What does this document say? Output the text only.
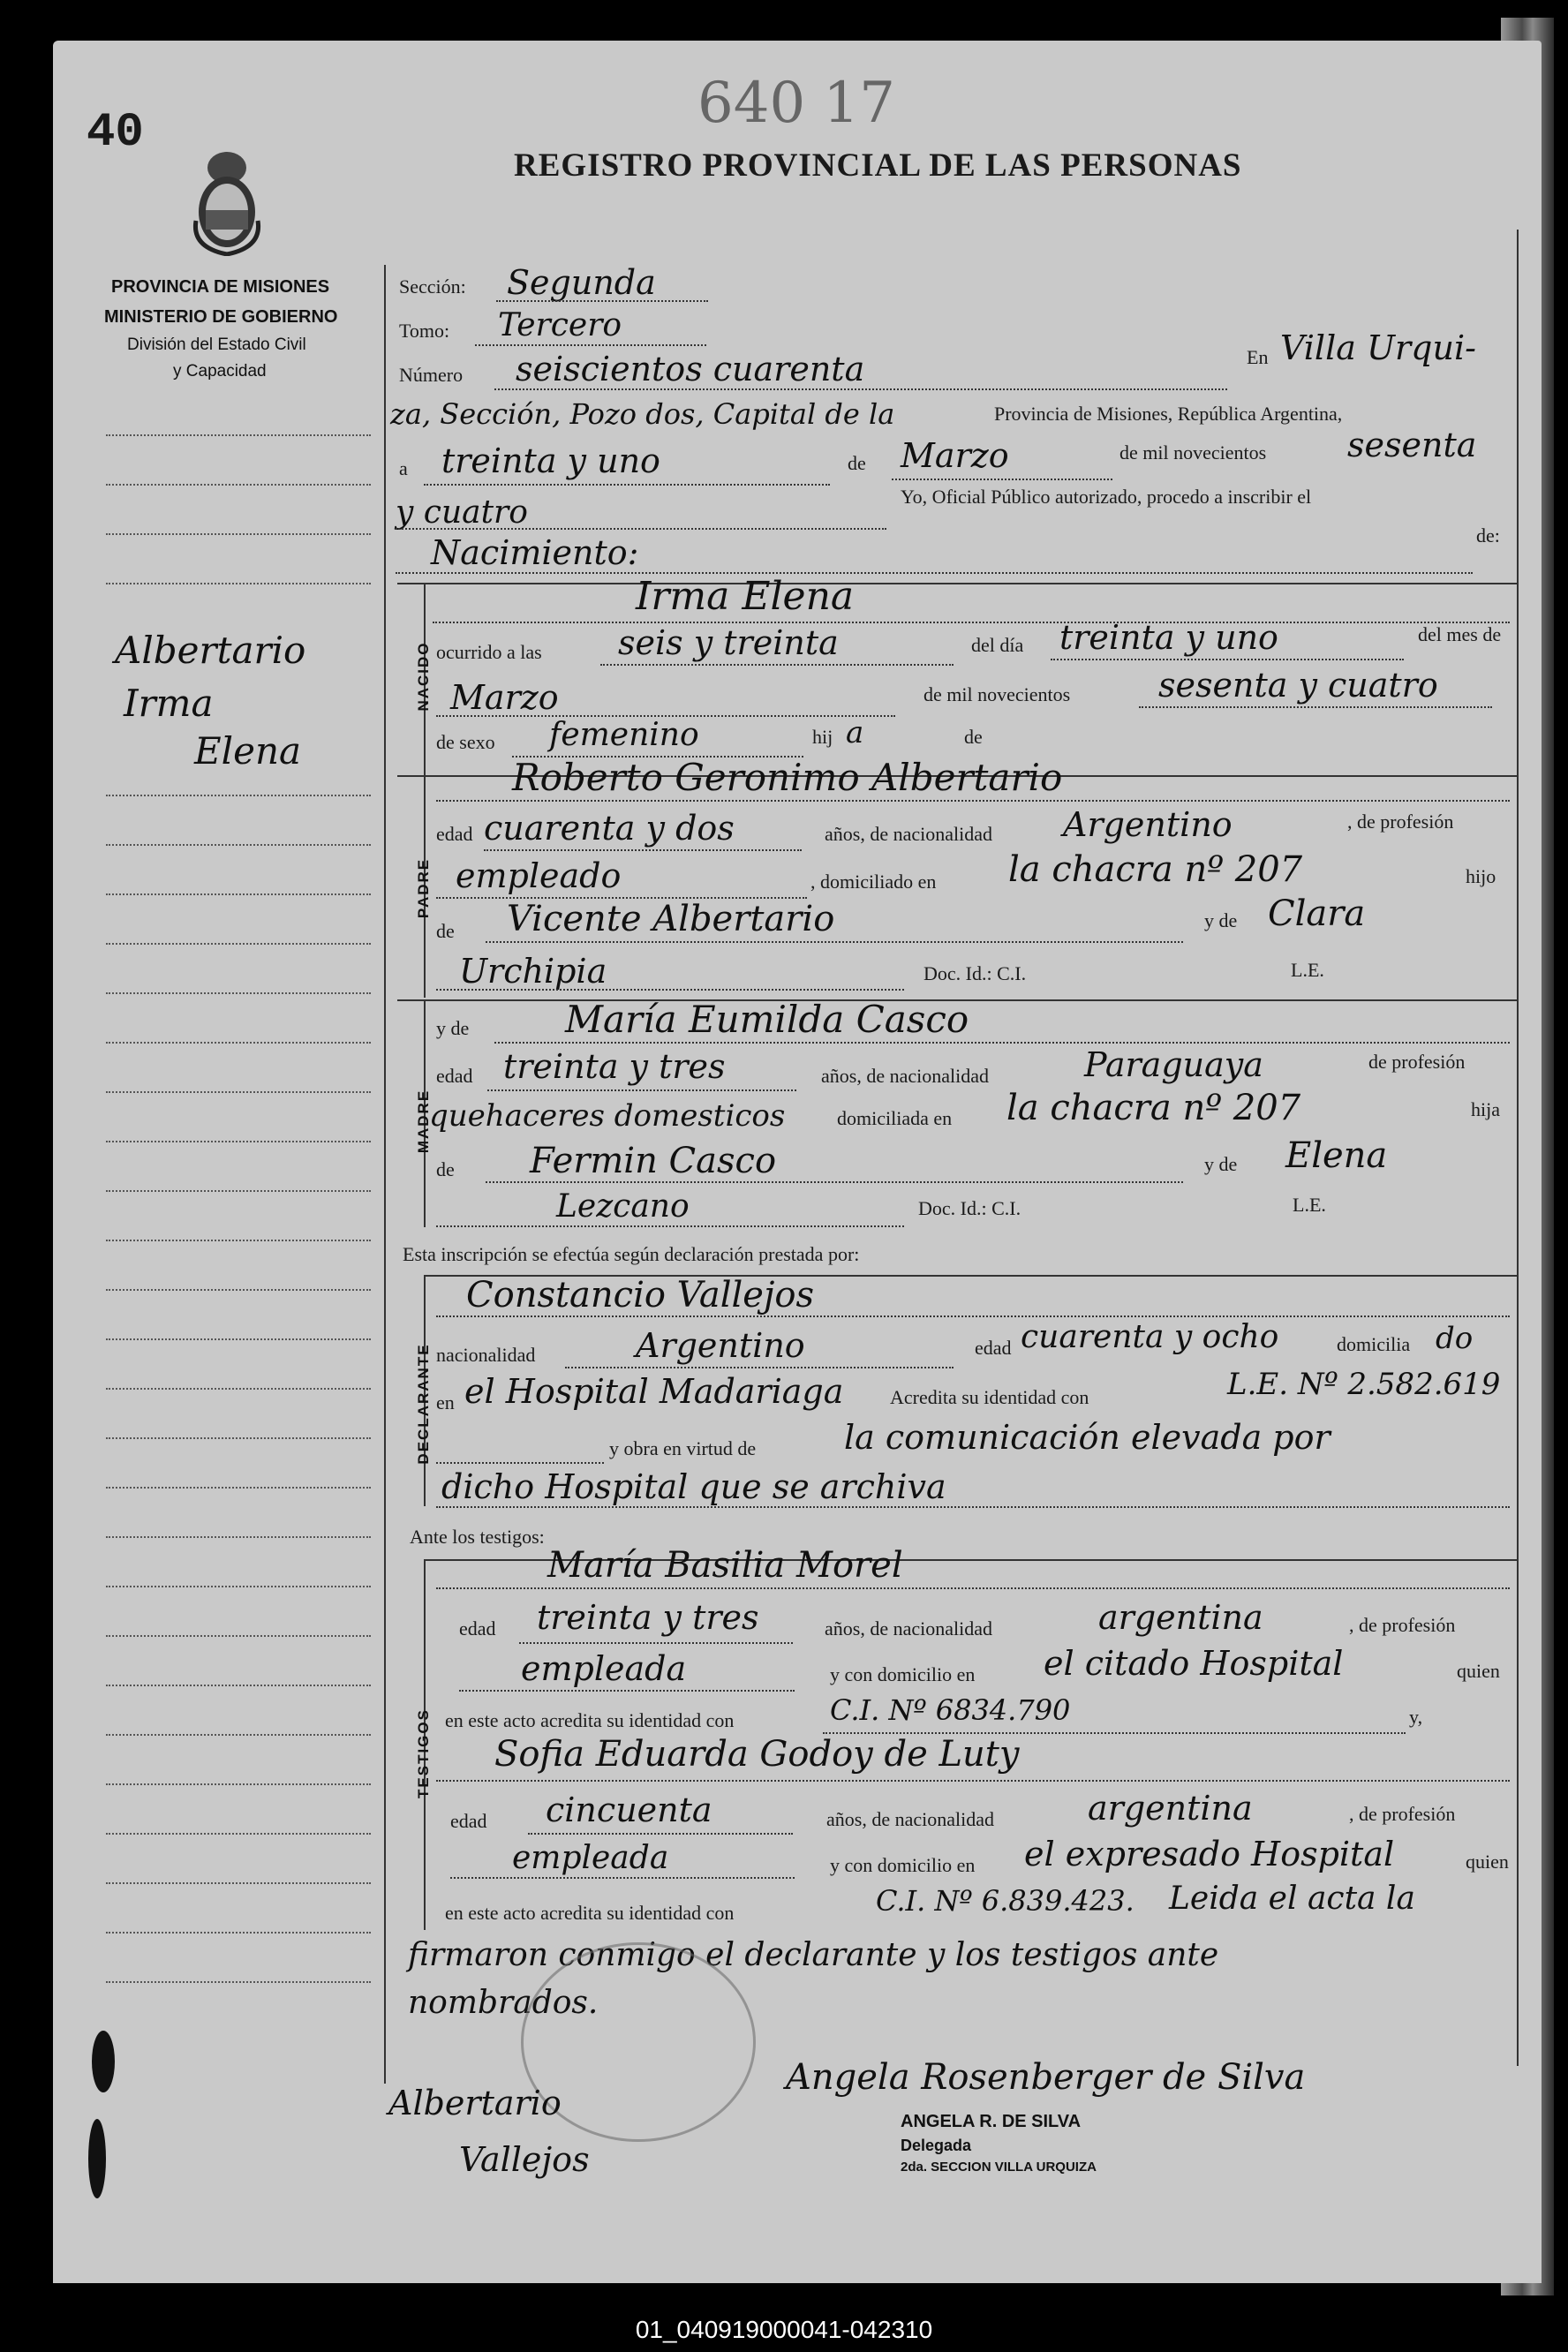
40	640 17
REGISTRO PROVINCIAL DE LAS PERSONAS
PROVINCIA DE MISIONES
MINISTERIO DE GOBIERNO
División del Estado Civil
y Capacidad
Albertario
Irma
Elena
Sección: Segunda
Tomo: Tercero
Número seiscientos cuarenta	En Villa Urqui-
za, Sección, Pozo dos, Capital de la	Provincia de Misiones, República Argentina,
a treinta y uno	de Marzo	de mil novecientos sesenta
y cuatro	Yo, Oficial Público autorizado, procedo a inscribir el
Nacimiento:	de:
NACIDO
Irma Elena
ocurrido a las seis y treinta	del día treinta y uno	del mes de
Marzo	de mil novecientos	sesenta y cuatro
de sexo femenino	hij a	de
PADRE
Roberto Geronimo Albertario
edad cuarenta y dos	años, de nacionalidad Argentino	, de profesión
empleado	, domiciliado en la chacra nº 207	hijo
de Vicente Albertario	y de Clara
Urchipia	Doc. Id.: C.I.	L.E.
MADRE
y de	María Eumilda Casco
edad treinta y tres	años, de nacionalidad	Paraguaya	de profesión
quehaceres domesticos	domiciliada en la chacra nº 207	hija
de Fermin Casco	y de Elena
Lezcano	Doc. Id.: C.I.	L.E.
Esta inscripción se efectúa según declaración prestada por:
DECLARANTE
Constancio Vallejos
nacionalidad	Argentino	edad cuarenta y ocho	domicilia do
en el Hospital Madariaga Acredita su identidad con	L.E. Nº 2.582.619
y obra en virtud de	la comunicación elevada por
dicho Hospital que se archiva
Ante los testigos:
TESTIGOS
María Basilia Morel
edad treinta y tres	años, de nacionalidad	argentina	, de profesión
empleada	y con domicilio en el citado Hospital	quien
en este acto acredita su identidad con	C.I. Nº 6834.790	y,
Sofia Eduarda Godoy de Luty
edad cincuenta	años, de nacionalidad	argentina	, de profesión
empleada	y con domicilio en el expresado Hospital	quien
en este acto acredita su identidad con	C.I. Nº 6.839.423. Leida el acta la
firmaron conmigo el declarante y los testigos ante
nombrados.
Angela Rosenberger de Silva
ANGELA R. DE SILVA
Delegada
2da. SECCION VILLA URQUIZA
Albertario
Vallejos
01_040919000041-042310
